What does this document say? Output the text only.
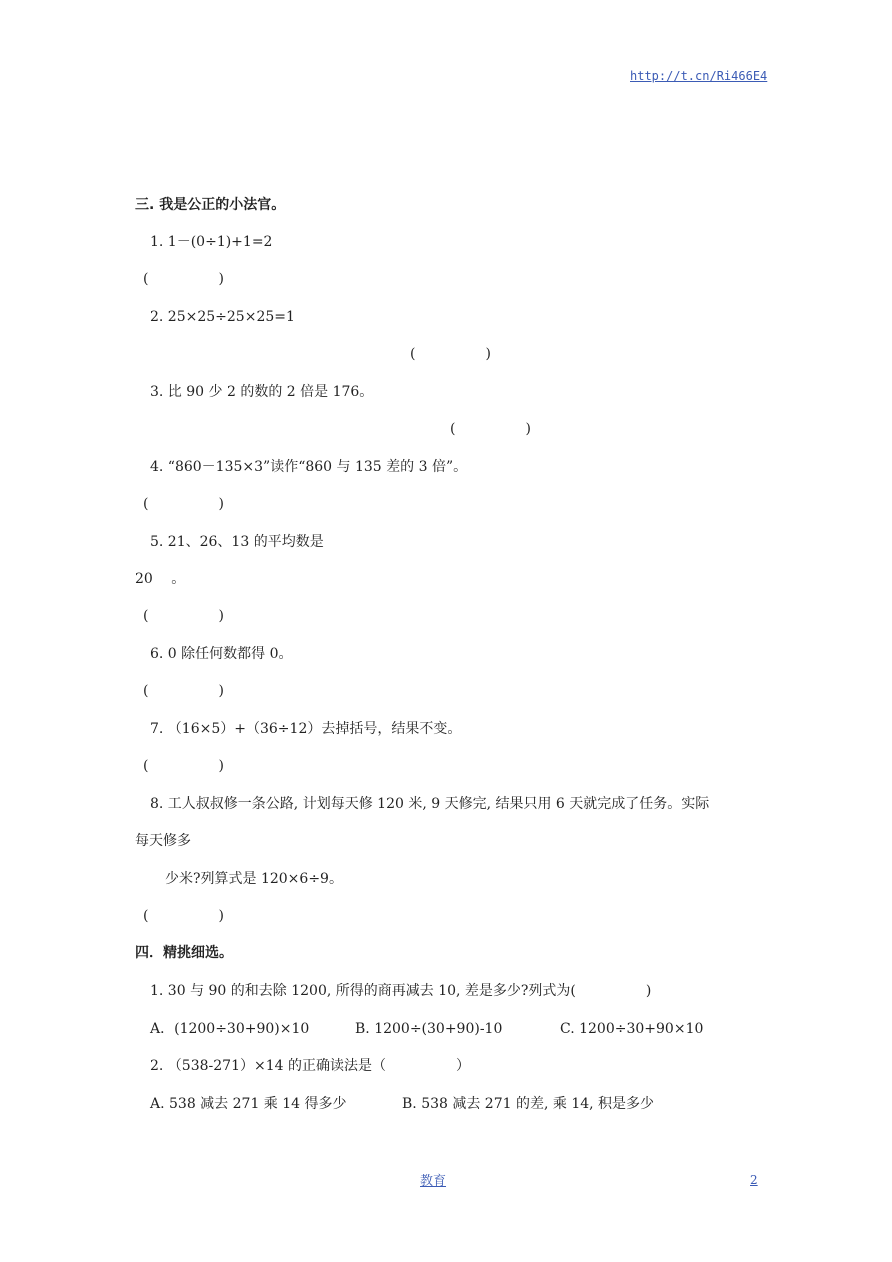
http://t.cn/Ri466E4
三. 我是公正的小法官。
1. 1－(0÷1)+1=2
(　　　　　)
2. 25×25÷25×25=1
(　　　　　)
3. 比 90 少 2 的数的 2 倍是 176。
(　　　　　)
4. “860－135×3”读作“860 与 135 差的 3 倍”。
(　　　　　)
5. 21、26、13 的平均数是
20　 。
(　　　　　)
6. 0 除任何数都得 0。
(　　　　　)
7. （16×5）+（36÷12）去掉括号，结果不变。
(　　　　　)
8. 工人叔叔修一条公路, 计划每天修 120 米, 9 天修完, 结果只用 6 天就完成了任务。实际
每天修多
少米?列算式是 120×6÷9。
(　　　　　)
四．精挑细选。
1. 30 与 90 的和去除 1200, 所得的商再减去 10, 差是多少?列式为(　　　　　)
A．(1200÷30+90)×10	B. 1200÷(30+90)-10	C. 1200÷30+90×10
2. （538-271）×14 的正确读法是（　　　　　）
A. 538 减去 271 乘 14 得多少	B. 538 减去 271 的差, 乘 14, 积是多少
教育	2
